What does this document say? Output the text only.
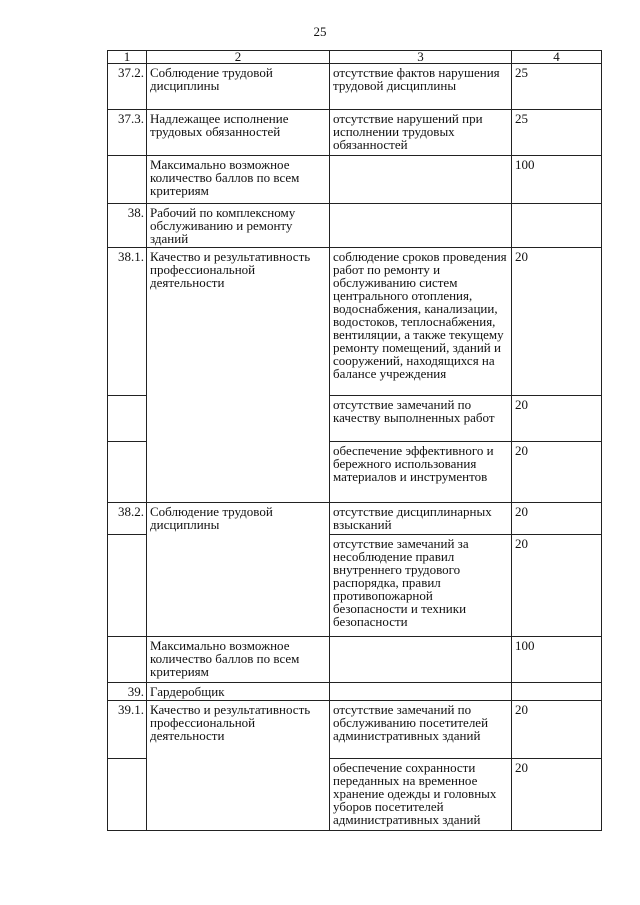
25
1	2	3	4
37.2.	Соблюдение трудовой дисциплины	отсутствие фактов нарушения трудовой дисциплины	25
37.3.	Надлежащее исполнение трудовых обязанностей	отсутствие нарушений при исполнении трудовых обязанностей	25
	Максимально возможное количество баллов по всем критериям		100
38.	Рабочий по комплексному обслуживанию и ремонту зданий		
38.1.	Качество и результативность профессиональной деятельности	соблюдение сроков проведения работ по ремонту и обслуживанию систем центрального отопления, водоснабжения, канализации, водостоков, теплоснабжения, вентиляции, а также текущему ремонту помещений, зданий и сооружений, находящихся на балансе учреждения	20
		отсутствие замечаний по качеству выполненных работ	20
		обеспечение эффективного и бережного использования материалов и инструментов	20
38.2.	Соблюдение трудовой дисциплины	отсутствие дисциплинарных взысканий	20
		отсутствие замечаний за несоблюдение правил внутреннего трудового распорядка, правил противопожарной безопасности и техники безопасности	20
	Максимально возможное количество баллов по всем критериям		100
39.	Гардеробщик		
39.1.	Качество и результативность профессиональной деятельности	отсутствие замечаний по обслуживанию посетителей административных зданий	20
		обеспечение сохранности переданных на временное хранение одежды и головных уборов посетителей административных зданий	20
